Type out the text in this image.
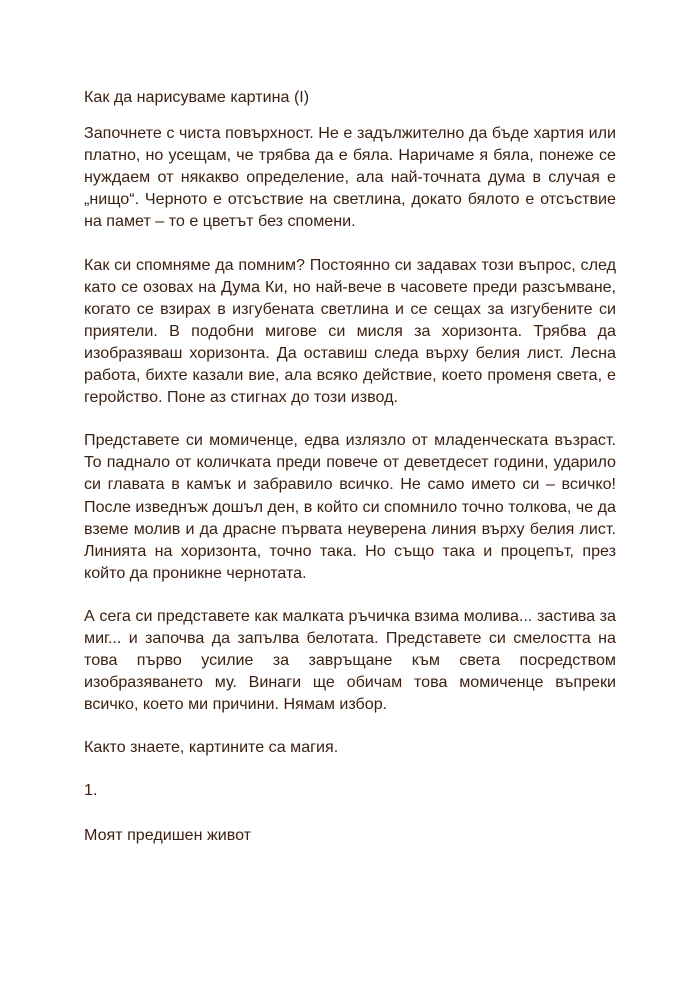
Как да нарисуваме картина (I)

Започнете с чиста повърхност. Не е задължително да бъде хартия или платно, но усещам, че трябва да е бяла. Наричаме я бяла, понеже се нуждаем от някакво определение, ала най-точната дума в случая е „нищо“. Черното е отсъствие на светлина, докато бялото е отсъствие на памет – то е цветът без спомени.

Как си спомняме да помним? Постоянно си задавах този въпрос, след като се озовах на Дума Ки, но най-вече в часовете преди разсъмване, когато се взирах в изгубената светлина и се сещах за изгубените си приятели. В подобни мигове си мисля за хоризонта. Трябва да изобразяваш хоризонта. Да оставиш следа върху белия лист. Лесна работа, бихте казали вие, ала всяко действие, което променя света, е геройство. Поне аз стигнах до този извод.

Представете си момиченце, едва излязло от младенческата възраст. То паднало от количката преди повече от деветдесет години, ударило си главата в камък и забравило всичко. Не само името си – всичко! После изведнъж дошъл ден, в който си спомнило точно толкова, че да вземе молив и да драсне първата неуверена линия върху белия лист. Линията на хоризонта, точно така. Но също така и процепът, през който да проникне чернотата.

А сега си представете как малката ръчичка взима молива... застива за миг... и започва да запълва белотата. Представете си смелостта на това първо усилие за завръщане към света посредством изобразяването му. Винаги ще обичам това момиченце въпреки всичко, което ми причини. Нямам избор.

Както знаете, картините са магия.

1.

Моят предишен живот
